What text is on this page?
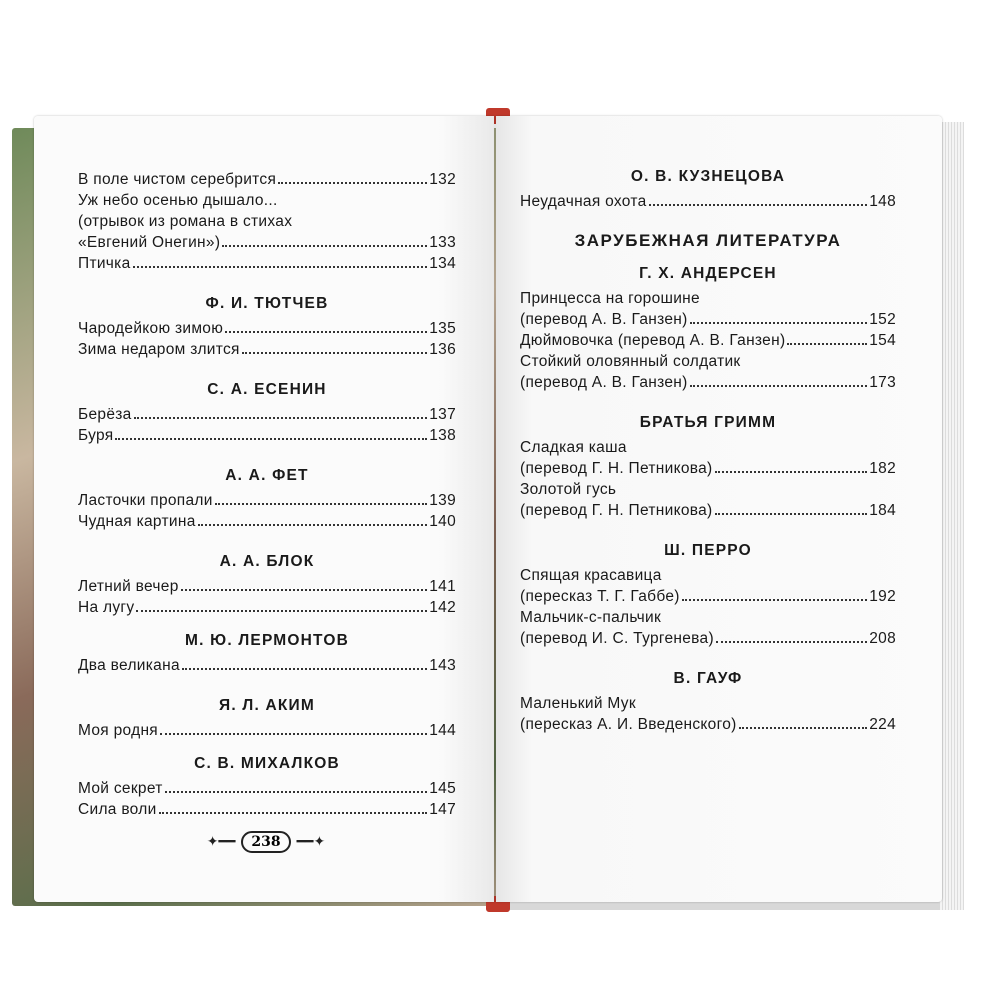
В поле чистом серебрится	132
Уж небо осенью дышало...
(отрывок из романа в стихах
«Евгений Онегин»)	133
Птичка	134
Ф. И. ТЮТЧЕВ
Чародейкою зимою	135
Зима недаром злится	136
С. А. ЕСЕНИН
Берёза	137
Буря	138
А. А. ФЕТ
Ласточки пропали	139
Чудная картина	140
А. А. БЛОК
Летний вечер	141
На лугу	142
М. Ю. ЛЕРМОНТОВ
Два великана	143
Я. Л. АКИМ
Моя родня	144
С. В. МИХАЛКОВ
Мой секрет	145
Сила воли	147
✦━━	238	━━✦
О. В. КУЗНЕЦОВА
Неудачная охота	148
ЗАРУБЕЖНАЯ ЛИТЕРАТУРА
Г. Х. АНДЕРСЕН
Принцесса на горошине
(перевод А. В. Ганзен)	152
Дюймовочка (перевод А. В. Ганзен)	154
Стойкий оловянный солдатик
(перевод А. В. Ганзен)	173
БРАТЬЯ ГРИММ
Сладкая каша
(перевод Г. Н. Петникова)	182
Золотой гусь
(перевод Г. Н. Петникова)	184
Ш. ПЕРРО
Спящая красавица
(пересказ Т. Г. Габбе)	192
Мальчик-с-пальчик
(перевод И. С. Тургенева)	208
В. ГАУФ
Маленький Мук
(пересказ А. И. Введенского)	224
